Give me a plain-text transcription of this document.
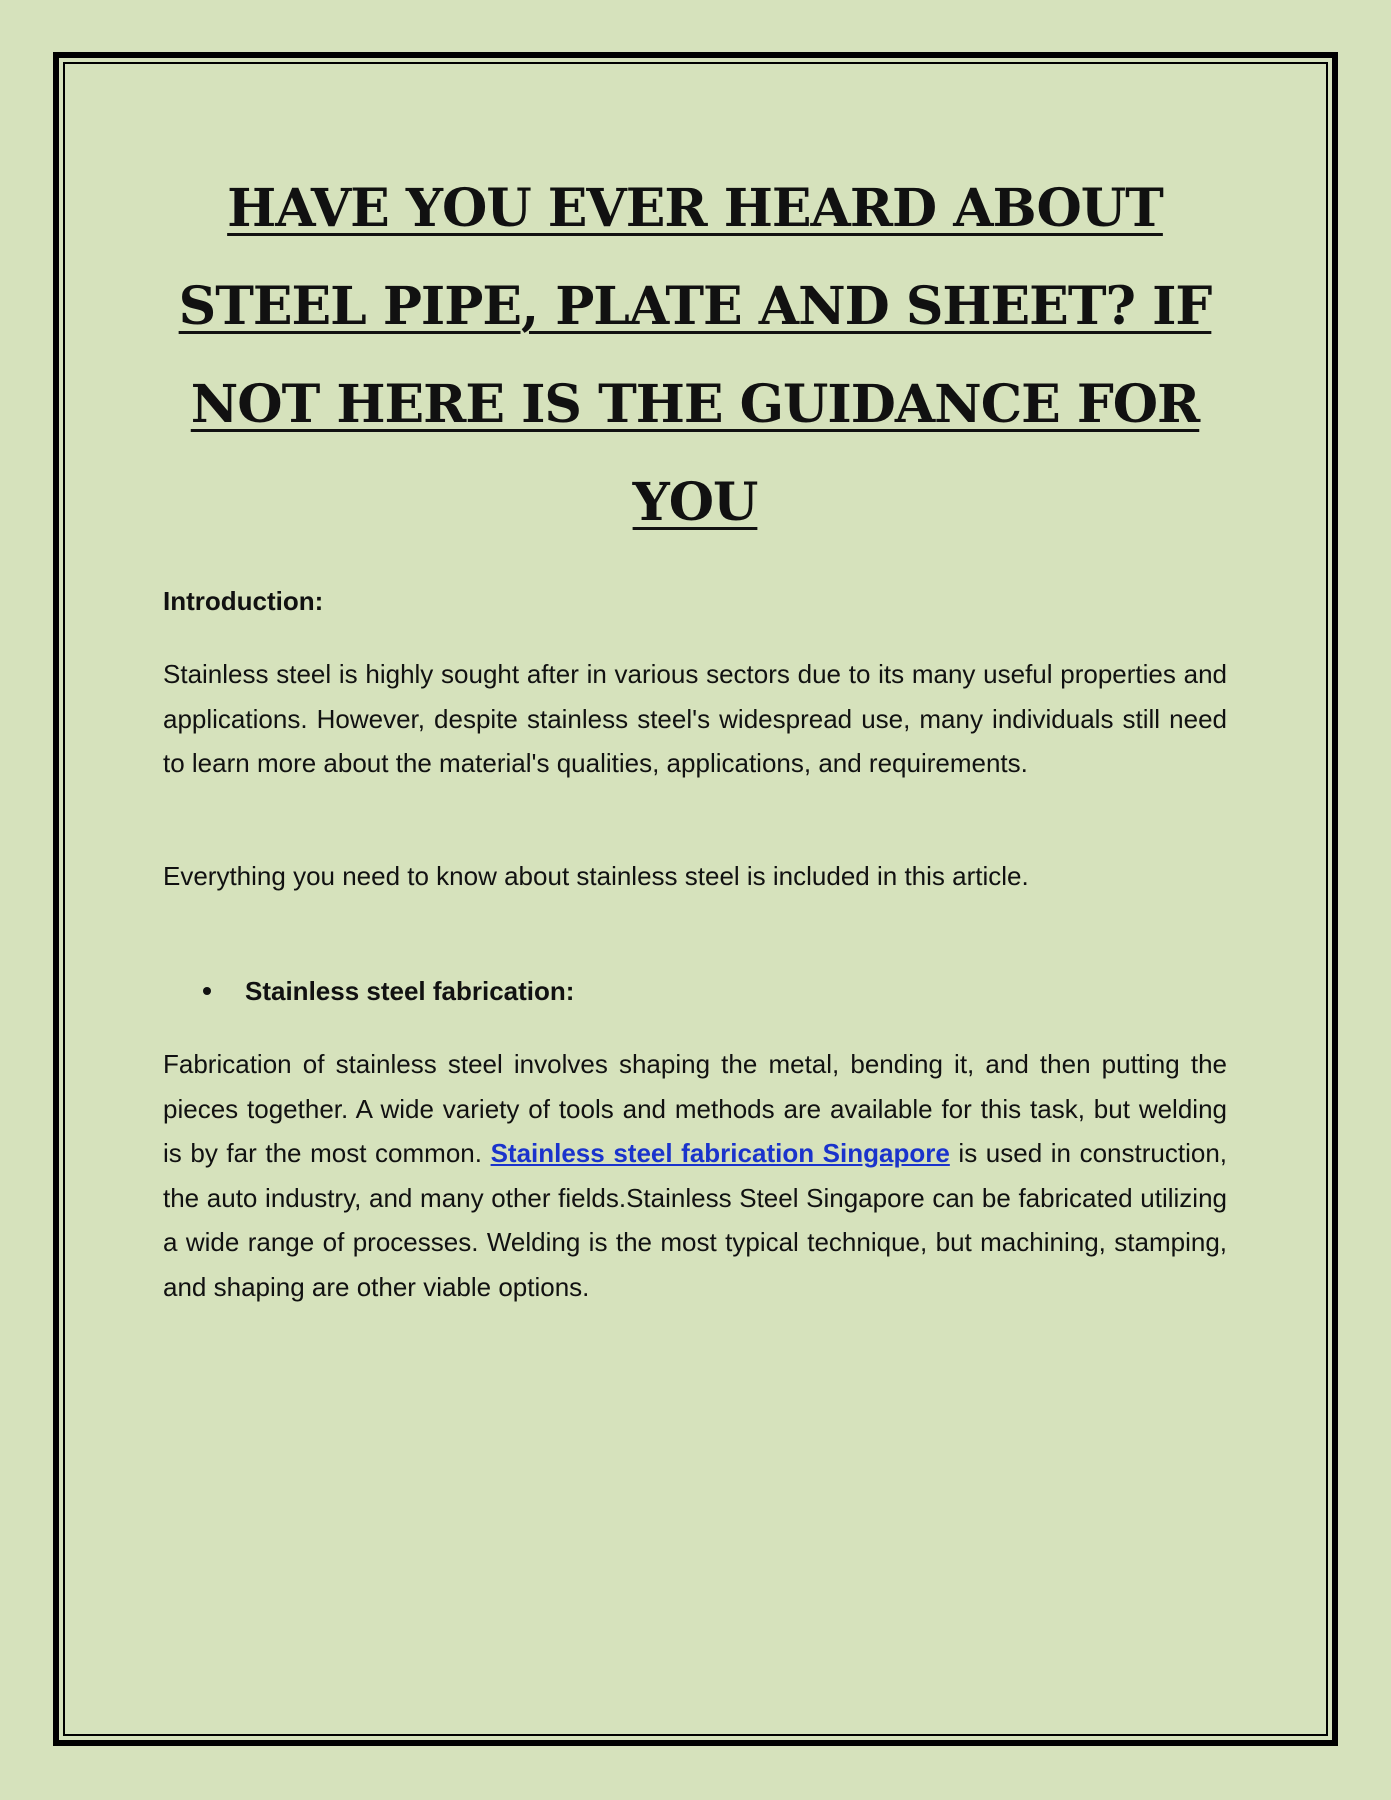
HAVE YOU EVER HEARD ABOUT
STEEL PIPE, PLATE AND SHEET? IF
NOT HERE IS THE GUIDANCE FOR
YOU
Introduction:

Stainless steel is highly sought after in various sectors due to its many useful properties and applications. However, despite stainless steel's widespread use, many individuals still need to learn more about the material's qualities, applications, and requirements.

Everything you need to know about stainless steel is included in this article.

Stainless steel fabrication:

Fabrication of stainless steel involves shaping the metal, bending it, and then putting the pieces together. A wide variety of tools and methods are available for this task, but welding is by far the most common. Stainless steel fabrication Singapore is used in construction, the auto industry, and many other fields.Stainless Steel Singapore can be fabricated utilizing a wide range of processes. Welding is the most typical technique, but machining, stamping, and shaping are other viable options.
